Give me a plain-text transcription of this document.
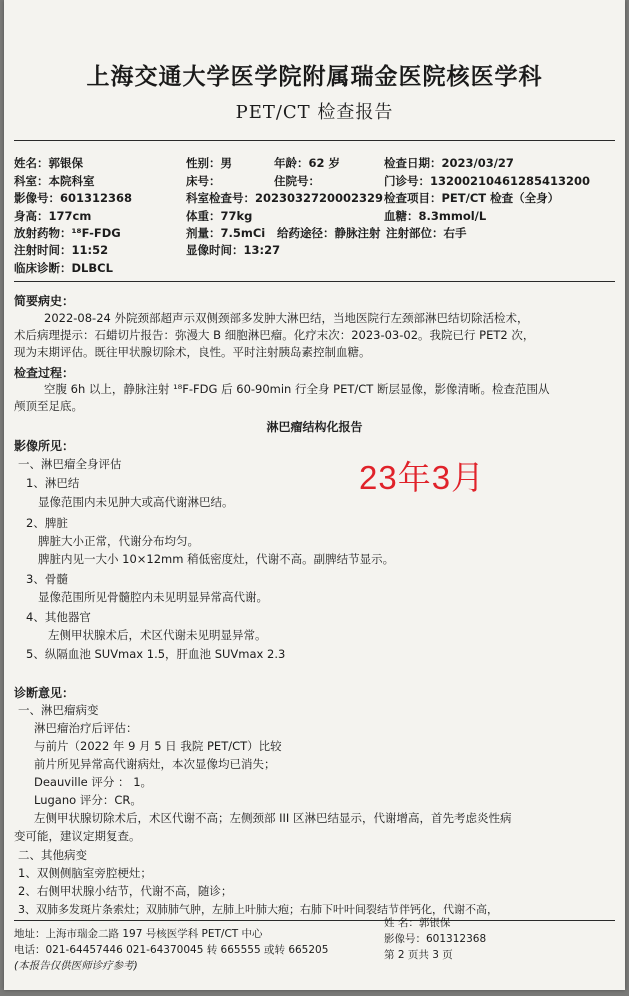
上海交通大学医学院附属瑞金医院核医学科
PET/CT 检查报告
姓名：郭银保	性别：男	年龄：62 岁	检查日期：2023/03/27
科室：本院科室	床号：	住院号：	门诊号：13200210461285413200
影像号：601312368	科室检查号：2023032720002329 检查项目：PET/CT 检查（全身）
身高：177cm	体重：77kg	血糖：8.3mmol/L
放射药物：¹⁸F-FDG	剂量：7.5mCi 给药途径：静脉注射 注射部位：右手
注射时间：11:52	显像时间：13:27
临床诊断：DLBCL
简要病史：
2022-08-24 外院颈部超声示双侧颈部多发肿大淋巴结，当地医院行左颈部淋巴结切除活检术，
术后病理提示：石蜡切片报告：弥漫大 B 细胞淋巴瘤。化疗末次：2023-03-02。我院已行 PET2 次，
现为末期评估。既往甲状腺切除术，良性。平时注射胰岛素控制血糖。
检查过程：
空腹 6h 以上，静脉注射 ¹⁸F-FDG 后 60-90min 行全身 PET/CT 断层显像，影像清晰。检查范围从
颅顶至足底。
淋巴瘤结构化报告
影像所见：
一、淋巴瘤全身评估
1、淋巴结
显像范围内未见肿大或高代谢淋巴结。
2、脾脏
脾脏大小正常，代谢分布均匀。
脾脏内见一大小 10×12mm 稍低密度灶，代谢不高。副脾结节显示。
3、骨髓
显像范围所见骨髓腔内未见明显异常高代谢。
4、其他器官
左侧甲状腺术后，术区代谢未见明显异常。
5、纵隔血池 SUVmax 1.5，肝血池 SUVmax 2.3
23年3月
诊断意见：
一、淋巴瘤病变
淋巴瘤治疗后评估：
与前片（2022 年 9 月 5 日 我院 PET/CT）比较
前片所见异常高代谢病灶，本次显像均已消失；
Deauville 评分 ： 1。
Lugano 评分：CR。
左侧甲状腺切除术后，术区代谢不高；左侧颈部 III 区淋巴结显示，代谢增高，首先考虑炎性病
变可能，建议定期复查。
二、其他病变
1、双侧侧脑室旁腔梗灶；
2、右侧甲状腺小结节，代谢不高，随诊；
3、双肺多发斑片条索灶；双肺肺气肿，左肺上叶肺大疱；右肺下叶叶间裂结节伴钙化，代谢不高，
地址：上海市瑞金二路 197 号核医学科 PET/CT 中心
电话：021-64457446 021-64370045 转 665555 或转 665205
(本报告仅供医师诊疗参考)
姓 名：郭银保
影像号：601312368
第 2 页共 3 页
